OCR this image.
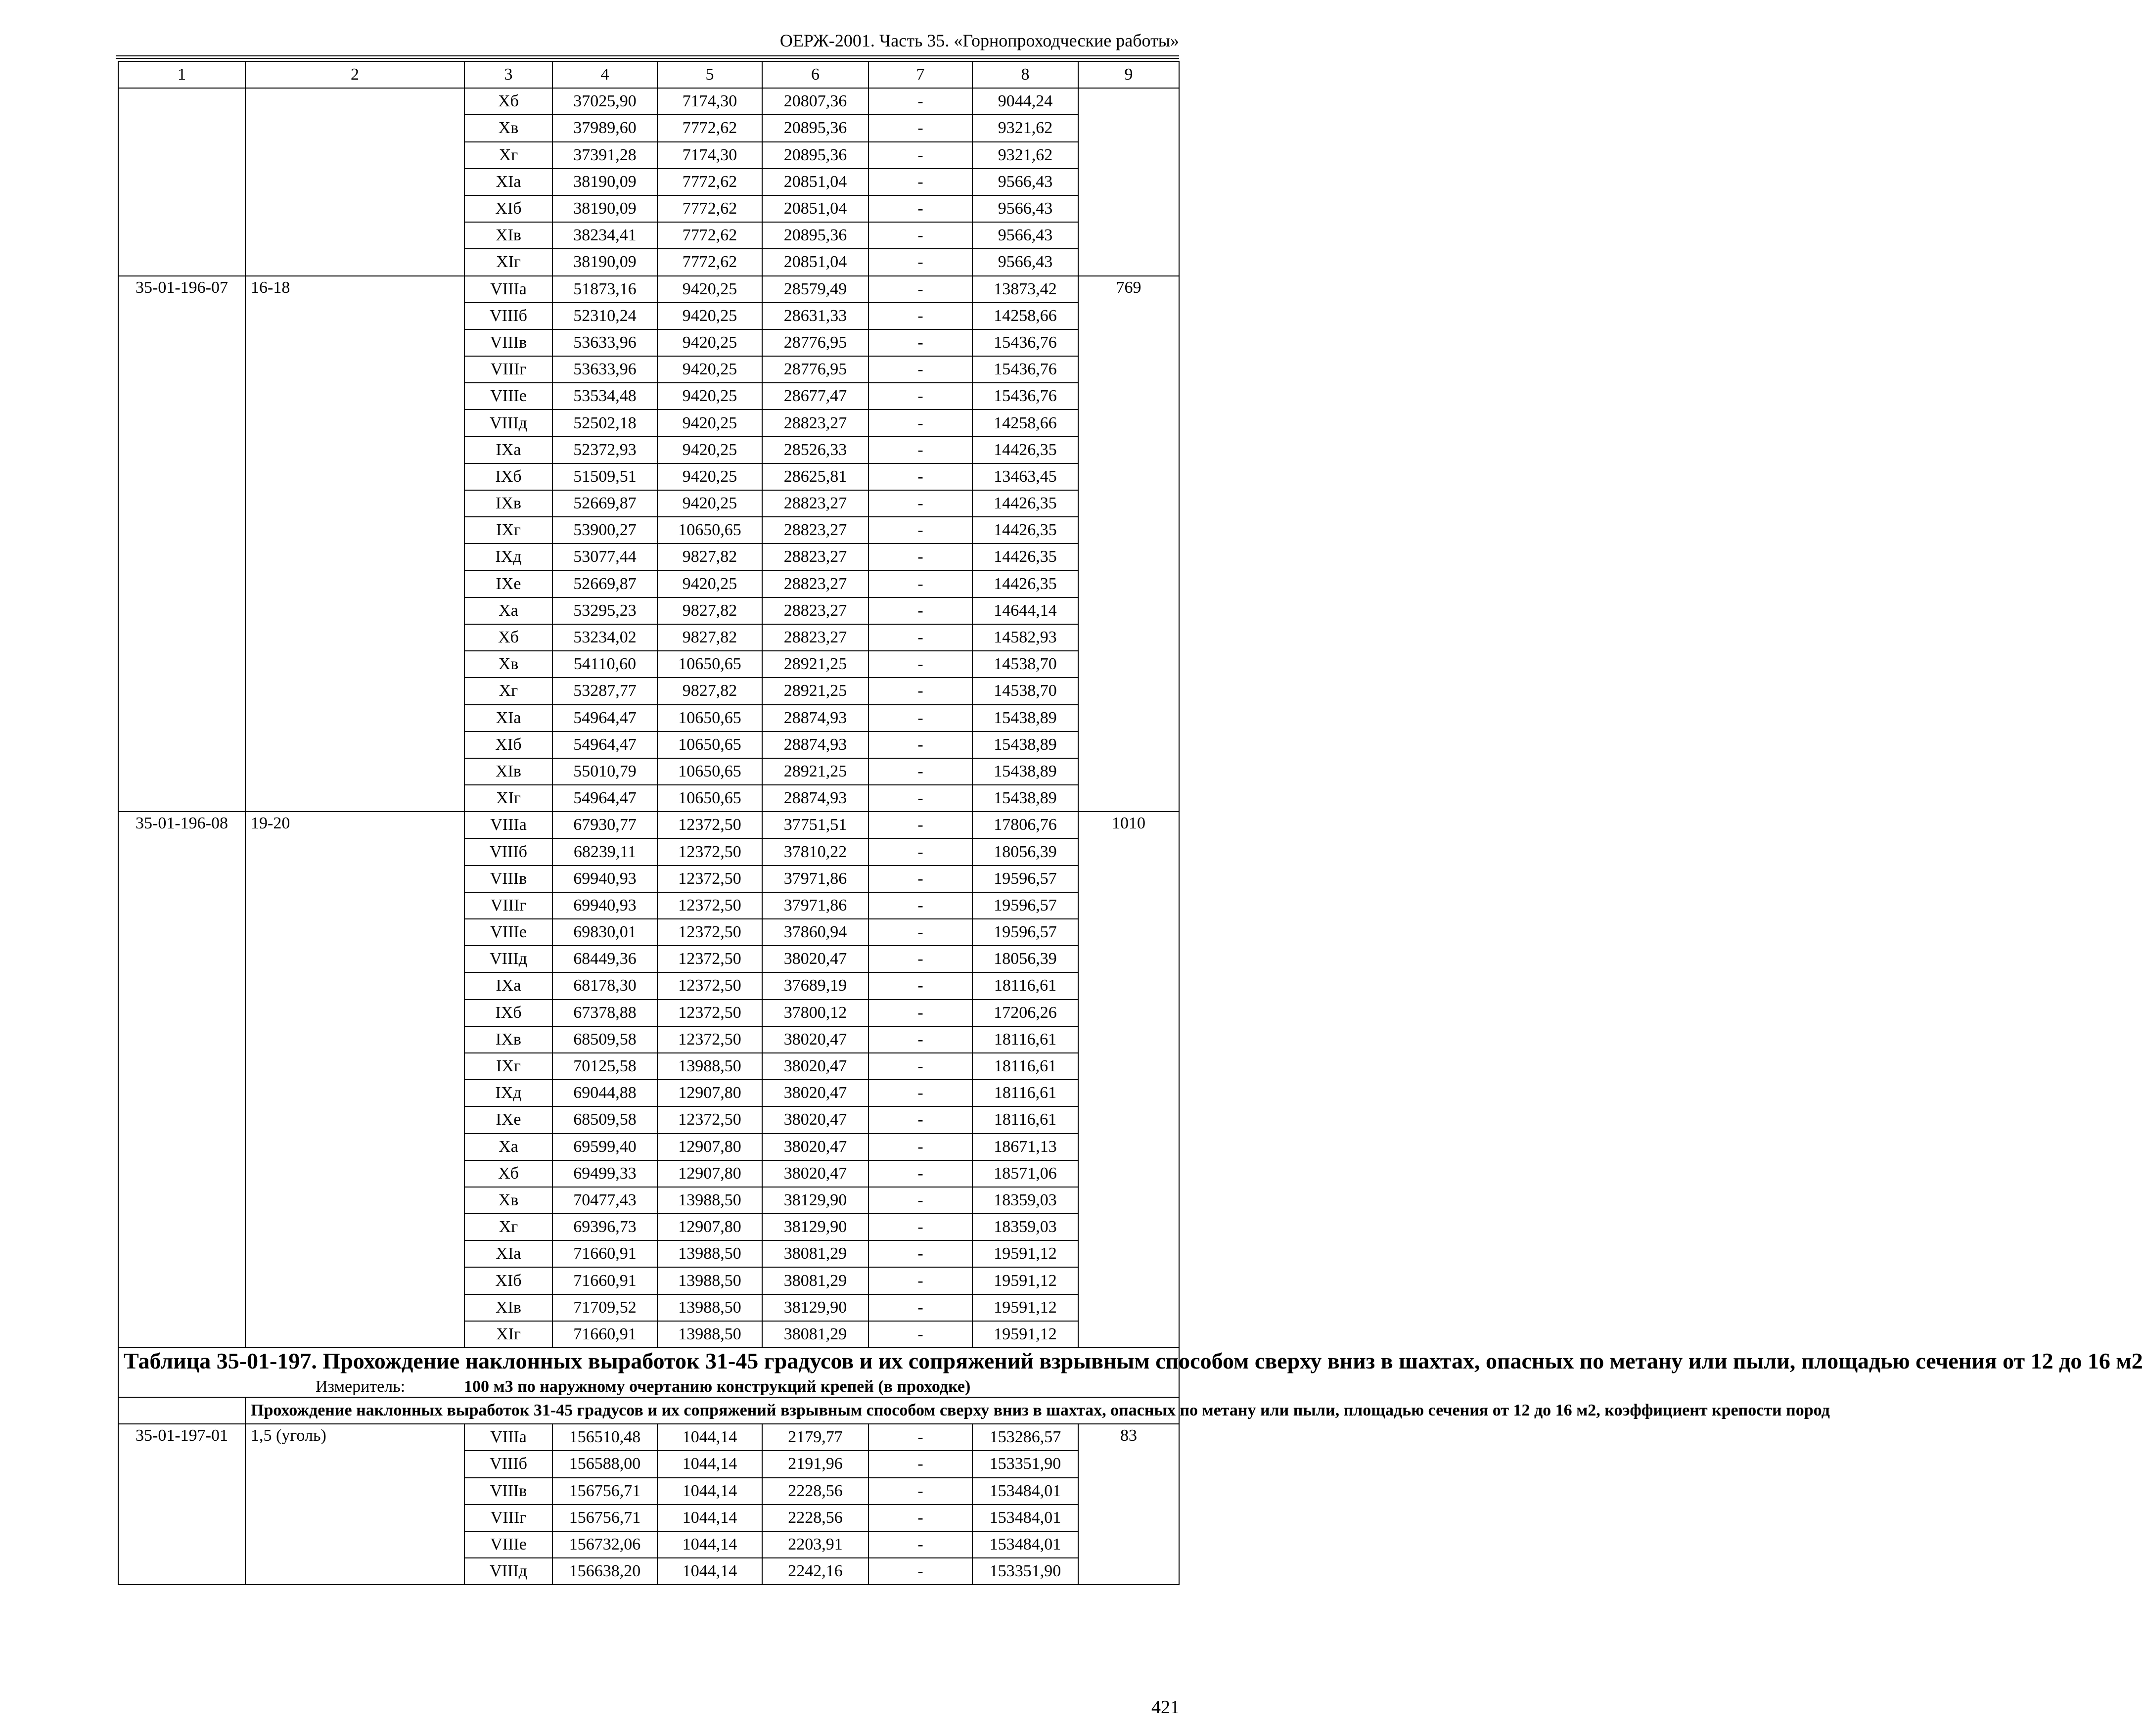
ОЕРЖ-2001. Часть 35. «Горнопроходческие работы»
1	2	3	4	5	6	7	8	9
		Xб	37025,90	7174,30	20807,36	-	9044,24	
		Xв	37989,60	7772,62	20895,36	-	9321,62	
		Xг	37391,28	7174,30	20895,36	-	9321,62	
		XIа	38190,09	7772,62	20851,04	-	9566,43	
		XIб	38190,09	7772,62	20851,04	-	9566,43	
		XIв	38234,41	7772,62	20895,36	-	9566,43	
		XIг	38190,09	7772,62	20851,04	-	9566,43	
35-01-196-07	16-18	VIIIа	51873,16	9420,25	28579,49	-	13873,42	769
		VIIIб	52310,24	9420,25	28631,33	-	14258,66	
		VIIIв	53633,96	9420,25	28776,95	-	15436,76	
		VIIIг	53633,96	9420,25	28776,95	-	15436,76	
		VIIIе	53534,48	9420,25	28677,47	-	15436,76	
		VIIIд	52502,18	9420,25	28823,27	-	14258,66	
		IXа	52372,93	9420,25	28526,33	-	14426,35	
		IXб	51509,51	9420,25	28625,81	-	13463,45	
		IXв	52669,87	9420,25	28823,27	-	14426,35	
		IXг	53900,27	10650,65	28823,27	-	14426,35	
		IXд	53077,44	9827,82	28823,27	-	14426,35	
		IXе	52669,87	9420,25	28823,27	-	14426,35	
		Xа	53295,23	9827,82	28823,27	-	14644,14	
		Xб	53234,02	9827,82	28823,27	-	14582,93	
		Xв	54110,60	10650,65	28921,25	-	14538,70	
		Xг	53287,77	9827,82	28921,25	-	14538,70	
		XIа	54964,47	10650,65	28874,93	-	15438,89	
		XIб	54964,47	10650,65	28874,93	-	15438,89	
		XIв	55010,79	10650,65	28921,25	-	15438,89	
		XIг	54964,47	10650,65	28874,93	-	15438,89	
35-01-196-08	19-20	VIIIа	67930,77	12372,50	37751,51	-	17806,76	1010
		VIIIб	68239,11	12372,50	37810,22	-	18056,39	
		VIIIв	69940,93	12372,50	37971,86	-	19596,57	
		VIIIг	69940,93	12372,50	37971,86	-	19596,57	
		VIIIе	69830,01	12372,50	37860,94	-	19596,57	
		VIIIд	68449,36	12372,50	38020,47	-	18056,39	
		IXа	68178,30	12372,50	37689,19	-	18116,61	
		IXб	67378,88	12372,50	37800,12	-	17206,26	
		IXв	68509,58	12372,50	38020,47	-	18116,61	
		IXг	70125,58	13988,50	38020,47	-	18116,61	
		IXд	69044,88	12907,80	38020,47	-	18116,61	
		IXе	68509,58	12372,50	38020,47	-	18116,61	
		Xа	69599,40	12907,80	38020,47	-	18671,13	
		Xб	69499,33	12907,80	38020,47	-	18571,06	
		Xв	70477,43	13988,50	38129,90	-	18359,03	
		Xг	69396,73	12907,80	38129,90	-	18359,03	
		XIа	71660,91	13988,50	38081,29	-	19591,12	
		XIб	71660,91	13988,50	38081,29	-	19591,12	
		XIв	71709,52	13988,50	38129,90	-	19591,12	
		XIг	71660,91	13988,50	38081,29	-	19591,12	

Таблица 35-01-197. Прохождение наклонных выработок 31-45 градусов и их сопряжений взрывным способом сверху вниз в шахтах, опасных по метану или пыли, площадью сечения от 12 до 16 м2
Измеритель: 100 м3 по наружному очертанию конструкций крепей (в проходке)								

	Прохождение наклонных выработок 31-45 градусов и их сопряжений взрывным способом сверху вниз в шахтах, опасных по метану или пыли, площадью сечения от 12 до 16 м2, коэффициент крепости пород							
35-01-197-01	1,5 (уголь)	VIIIа	156510,48	1044,14	2179,77	-	153286,57	83
		VIIIб	156588,00	1044,14	2191,96	-	153351,90	
		VIIIв	156756,71	1044,14	2228,56	-	153484,01	
		VIIIг	156756,71	1044,14	2228,56	-	153484,01	
		VIIIе	156732,06	1044,14	2203,91	-	153484,01	
		VIIIд	156638,20	1044,14	2242,16	-	153351,90	
421
